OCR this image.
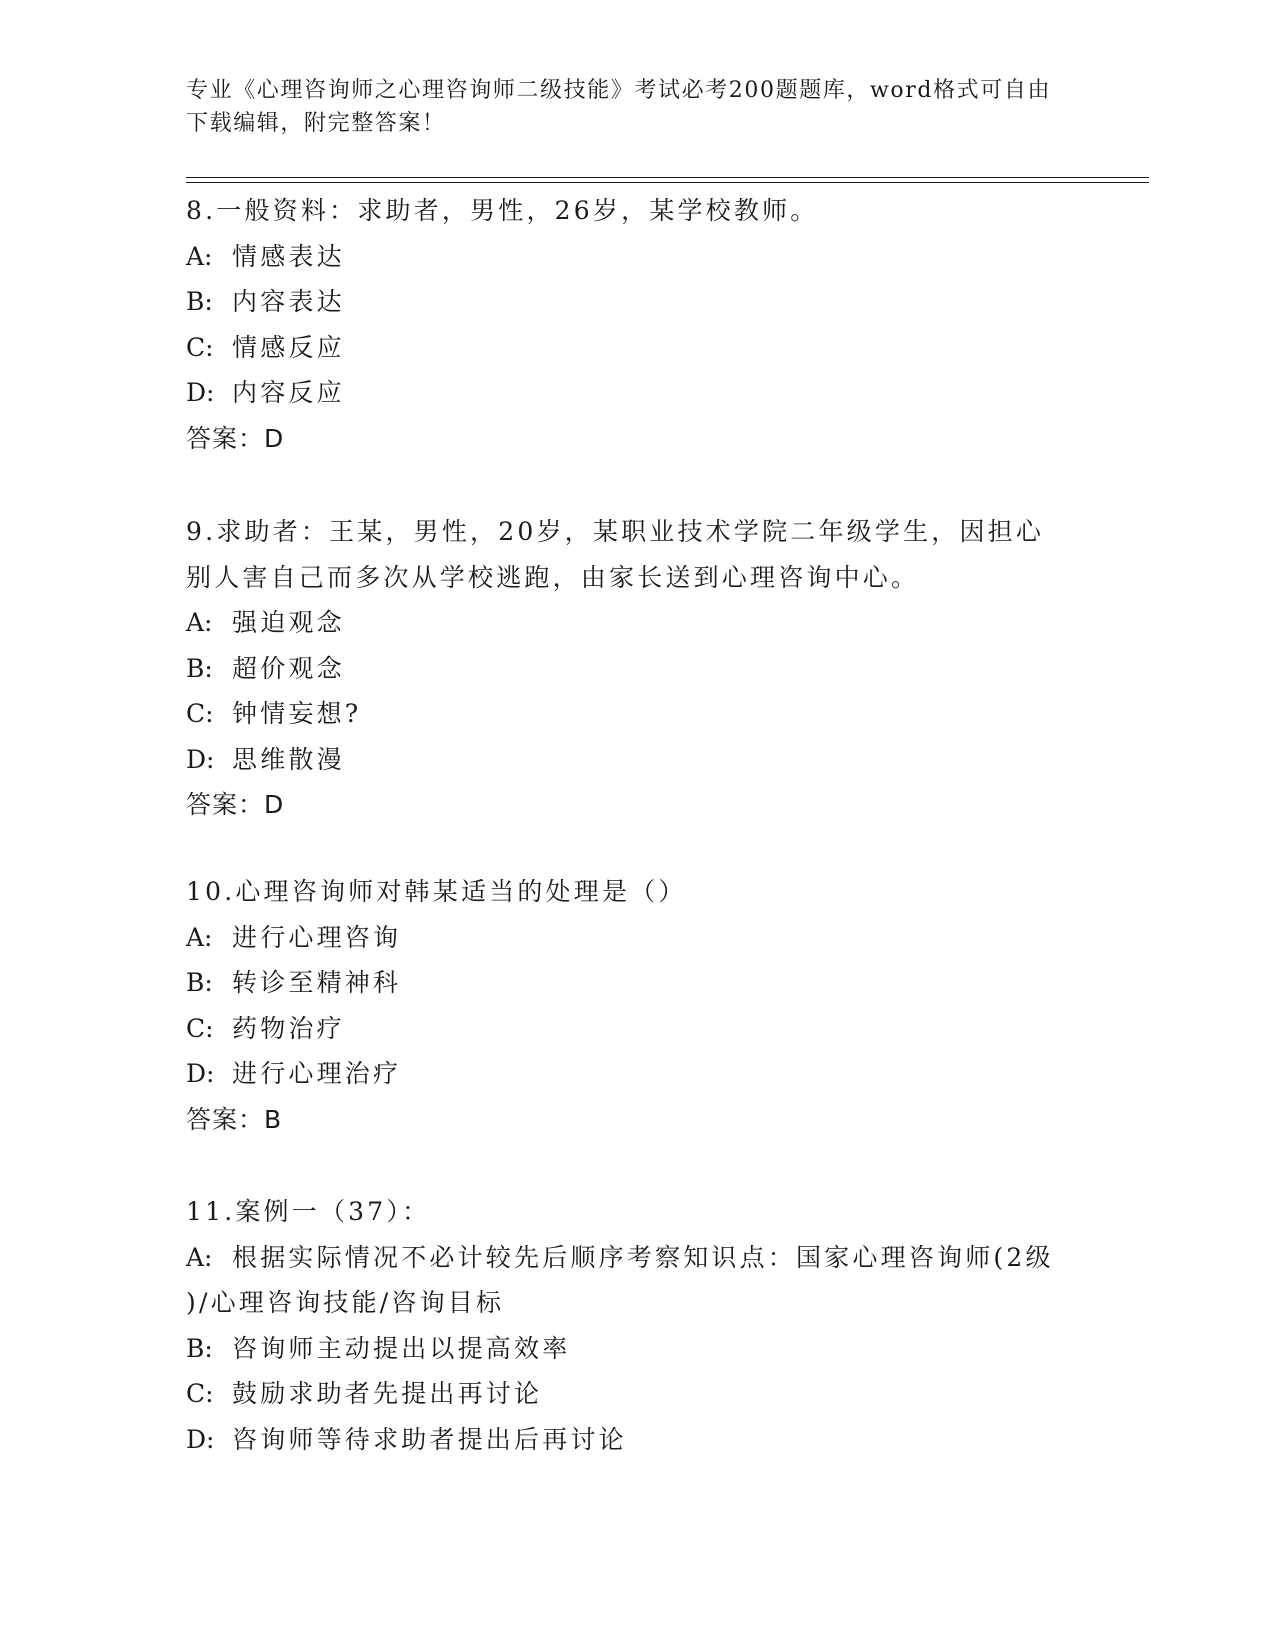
专业《心理咨询师之心理咨询师二级技能》考试必考200题题库，word格式可自由下载编辑，附完整答案！
8.一般资料：求助者，男性，26岁，某学校教师。
A: 情感表达
B: 内容表达
C: 情感反应
D: 内容反应
答案：D
9.求助者：王某，男性，20岁，某职业技术学院二年级学生，因担心
别人害自己而多次从学校逃跑，由家长送到心理咨询中心。
A: 强迫观念
B: 超价观念
C: 钟情妄想?
D: 思维散漫
答案：D
10.心理咨询师对韩某适当的处理是（）
A: 进行心理咨询
B: 转诊至精神科
C: 药物治疗
D: 进行心理治疗
答案：B
11.案例一（37）：
A: 根据实际情况不必计较先后顺序考察知识点：国家心理咨询师(2级
)/心理咨询技能/咨询目标
B: 咨询师主动提出以提高效率
C: 鼓励求助者先提出再讨论
D: 咨询师等待求助者提出后再讨论
